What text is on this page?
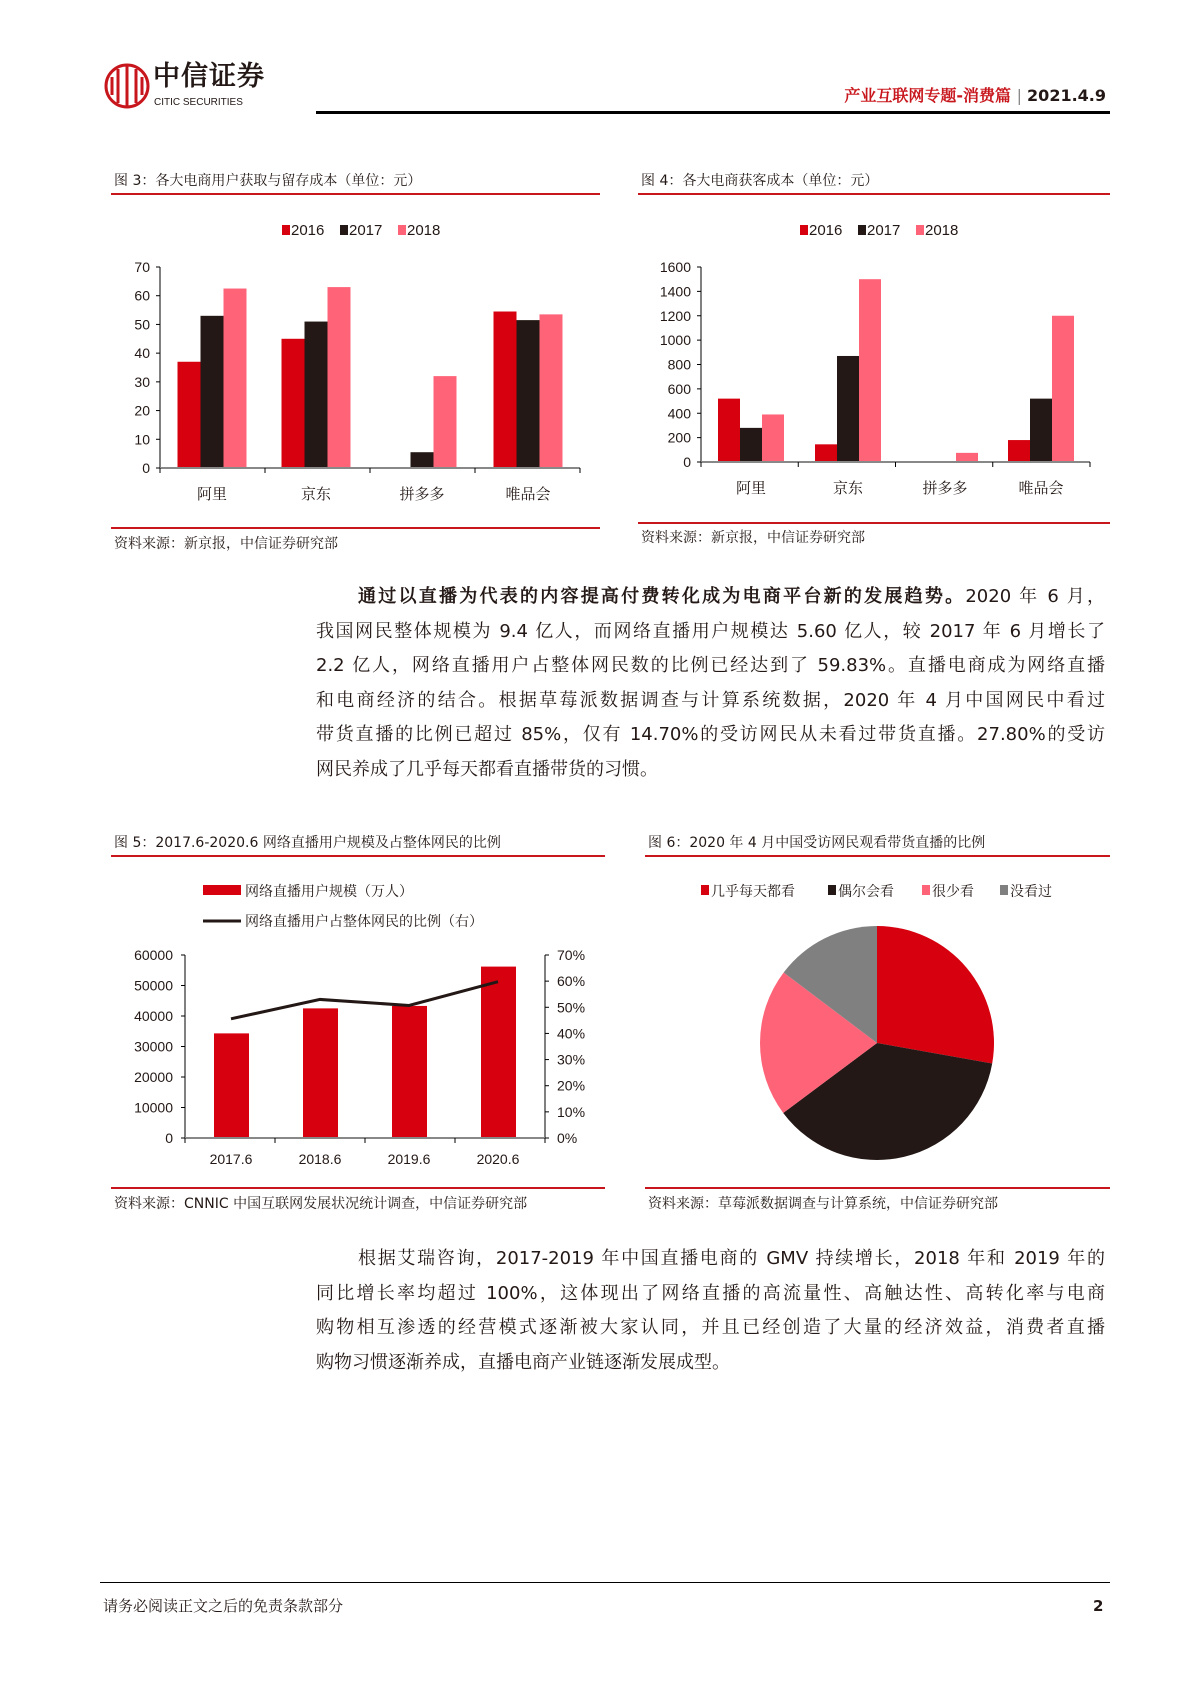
中信证券
CITIC SECURITIES	产业互联网专题-消费篇 | 2021.4.9
图 3：各大电商用户获取与留存成本（单位：元）
资料来源：新京报，中信证券研究部
图 4：各大电商获客成本（单位：元）
资料来源：新京报，中信证券研究部
0
10
20
30
40
50
60
70
阿里	京东	拼多多	唯品会
2016 2017 2018
0
200
400
600
800
1000
1200
1400
1600
阿里	京东	拼多多	唯品会
2016 2017 2018
通过以直播为代表的内容提高付费转化成为电商平台新的发展趋势。2020 年 6 月，
我国网民整体规模为 9.4 亿人，而网络直播用户规模达 5.60 亿人，较 2017 年 6 月增长了
2.2 亿人，网络直播用户占整体网民数的比例已经达到了 59.83%。直播电商成为网络直播
和电商经济的结合。根据草莓派数据调查与计算系统数据，2020 年 4 月中国网民中看过
带货直播的比例已超过 85%，仅有 14.70%的受访网民从未看过带货直播。27.80%的受访
网民养成了几乎每天都看直播带货的习惯。
图 5：2017.6-2020.6 网络直播用户规模及占整体网民的比例
资料来源：CNNIC 中国互联网发展状况统计调查，中信证券研究部
图 6：2020 年 4 月中国受访网民观看带货直播的比例
资料来源：草莓派数据调查与计算系统，中信证券研究部
网络直播用户规模（万人）
网络直播用户占整体网民的比例（右）
0
10000
20000
30000
40000
50000
60000
0%
10%
20%
30%
40%
50%
60%
70%
2017.6	2018.6	2019.6	2020.6
几乎每天都看	偶尔会看	很少看	没看过
根据艾瑞咨询，2017-2019 年中国直播电商的 GMV 持续增长，2018 年和 2019 年的
同比增长率均超过 100%，这体现出了网络直播的高流量性、高触达性、高转化率与电商
购物相互渗透的经营模式逐渐被大家认同，并且已经创造了大量的经济效益，消费者直播
购物习惯逐渐养成，直播电商产业链逐渐发展成型。
请务必阅读正文之后的免责条款部分	2
